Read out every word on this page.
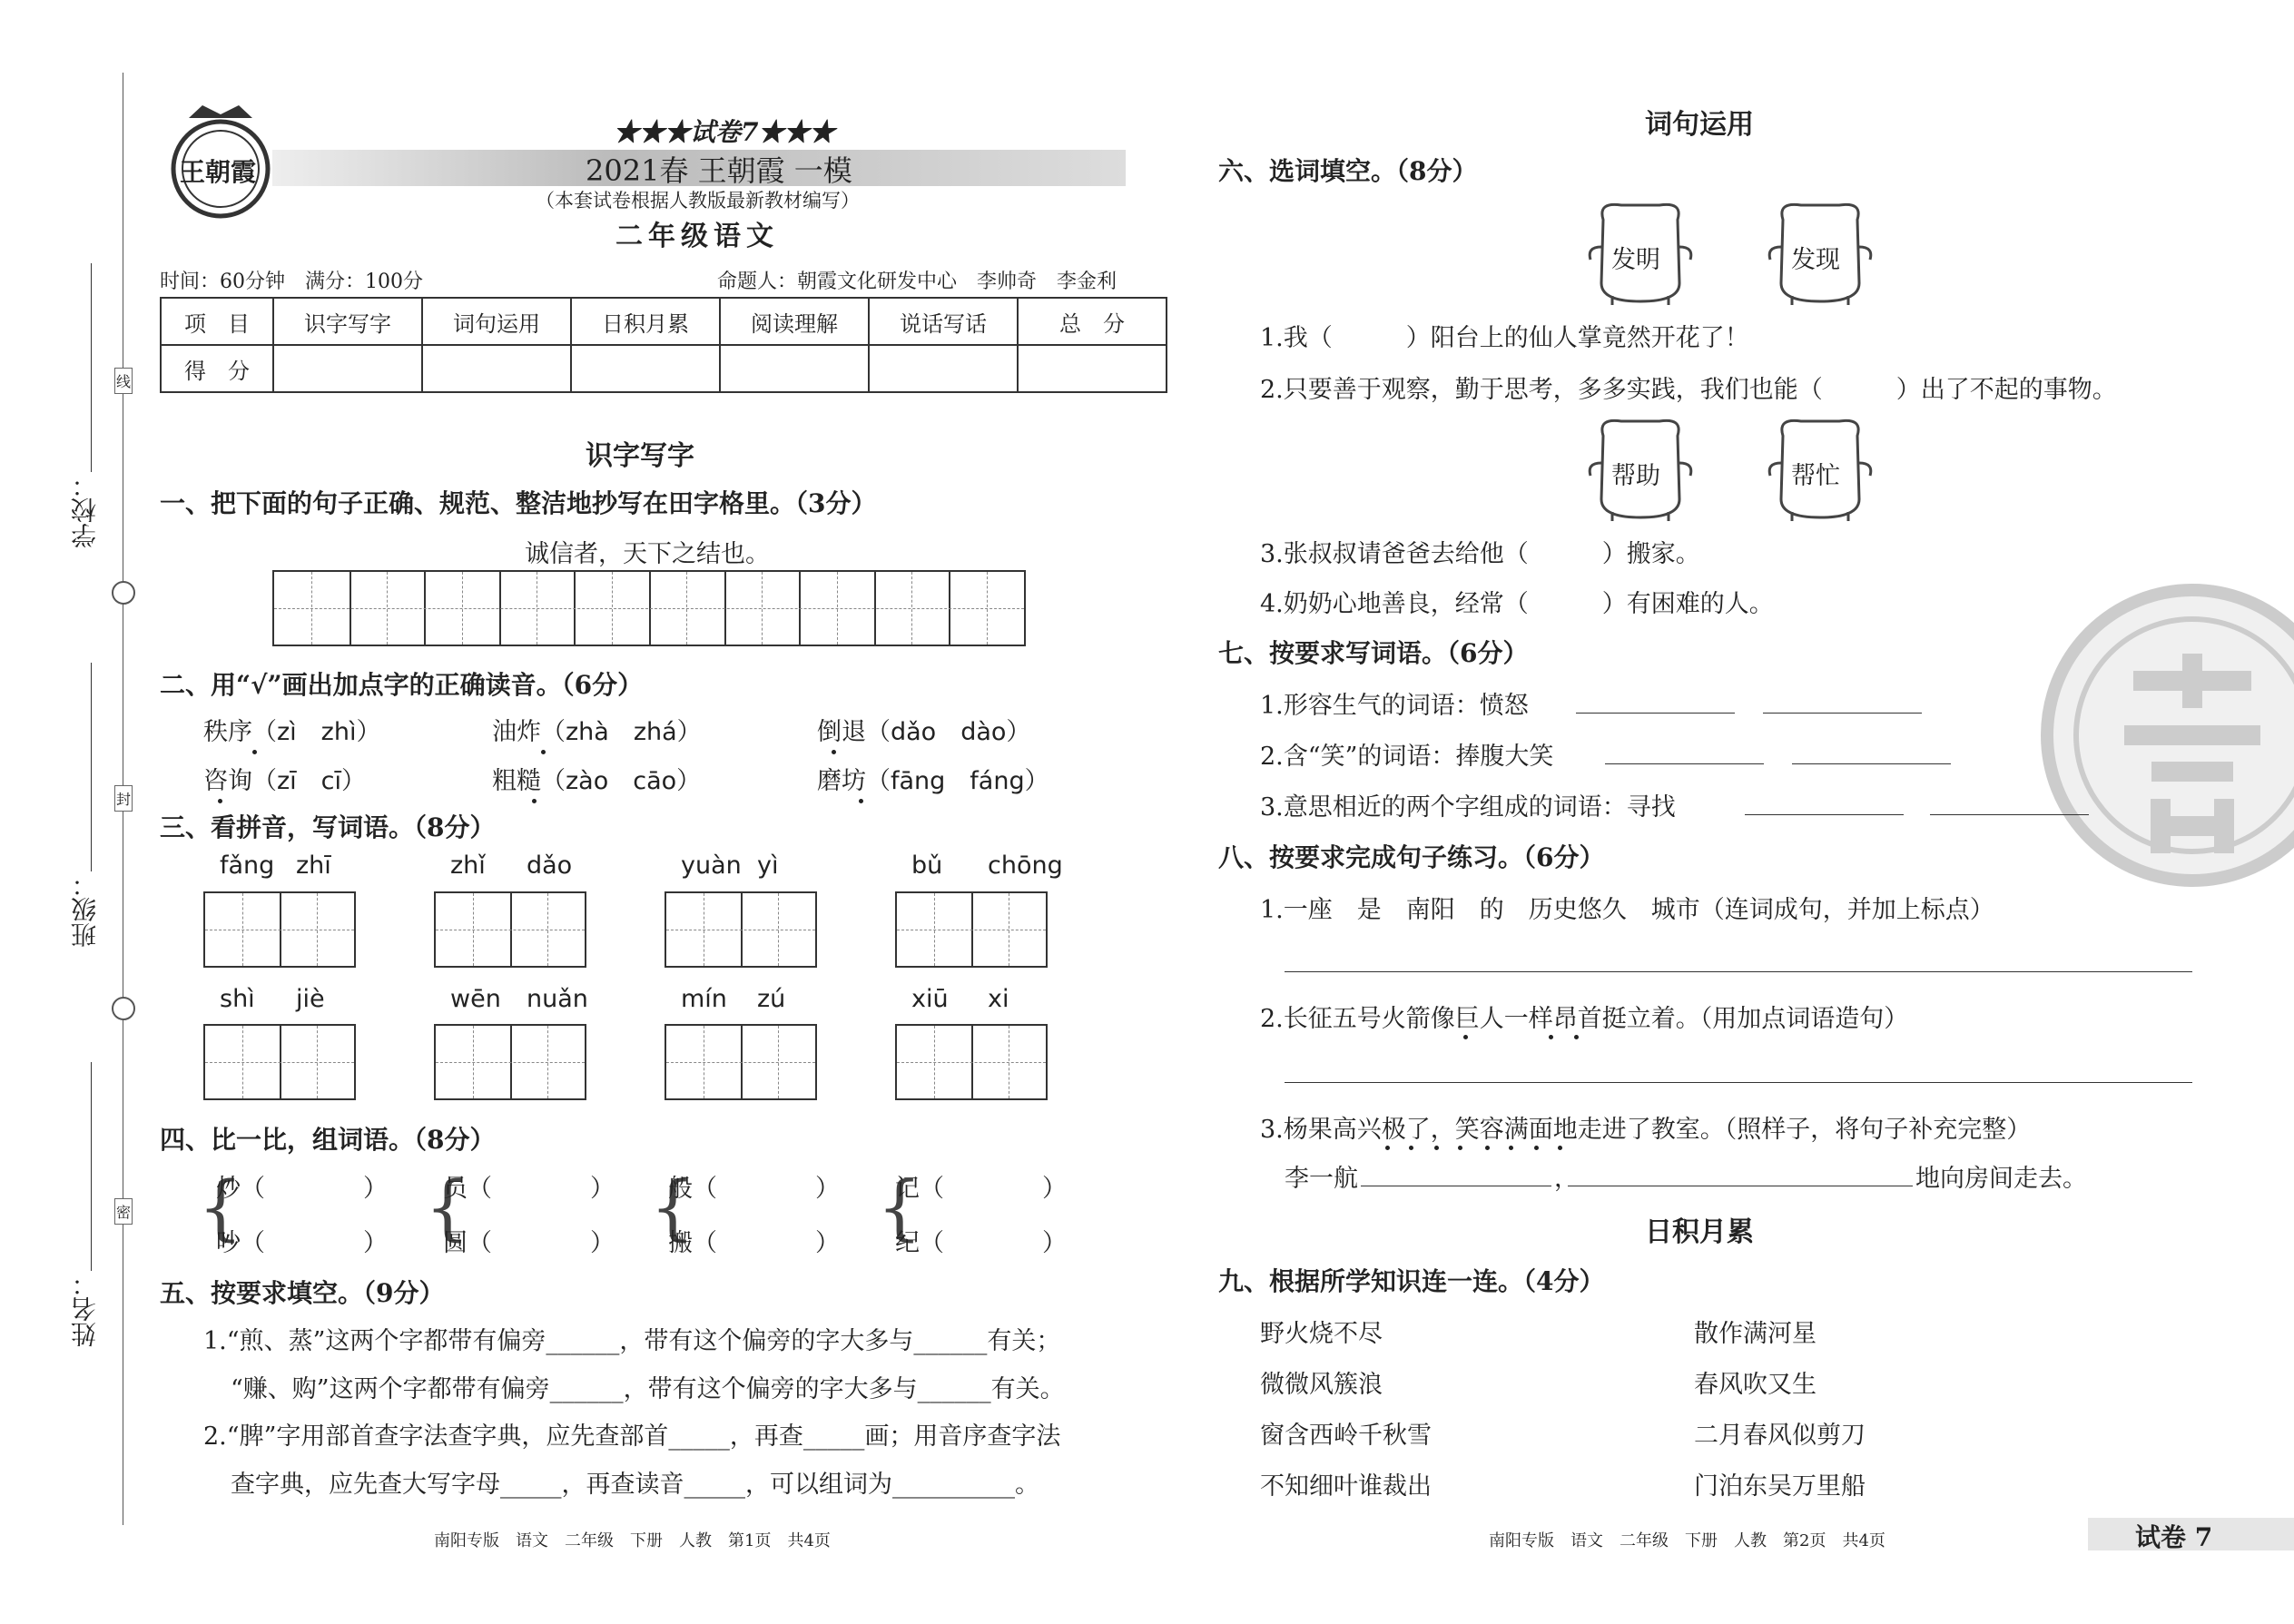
学校：
班级：
姓名：
线
封
密
王朝霞
★★★试卷7★★★
2021春 王朝霞 一模
（本套试卷根据人教版最新教材编写）
二年级语文
时间：60分钟　满分：100分	命题人：朝霞文化研发中心　李帅奇　李金利
项　目	识字写字	词句运用	日积月累	阅读理解	说话写话	总　分
得　分						
识字写字
一、把下面的句子正确、规范、整洁地抄写在田字格里。（3分）
诚信者，天下之结也。
二、用“√”画出加点字的正确读音。（6分）
秩序（zì　zhì）	油炸（zhà　zhá）	倒退（dǎo　dào）
咨询（zī　cī）	粗糙（zào　cāo）	磨坊（fāng　fáng）
三、看拼音，写词语。（8分）
fǎng zhī	zhǐ dǎo	yuàn yì	bǔ chōng
shì jiè	wēn nuǎn	mín zú	xiū xi
四、比一比，组词语。（8分）
{
炒（　　　　）
吵（　　　　） {
员（　　　　）
圆（　　　　） {
般（　　　　）
搬（　　　　） {
记（　　　　）
纪（　　　　）
五、按要求填空。（9分）
1.“煎、蒸”这两个字都带有偏旁______，带有这个偏旁的字大多与______有关；
“赚、购”这两个字都带有偏旁______，带有这个偏旁的字大多与______有关。
2.“脾”字用部首查字法查字典，应先查部首_____，再查_____画；用音序查字法
查字典，应先查大写字母_____，再查读音_____，可以组词为__________。
南阳专版　语文　二年级　下册　人教　第1页　共4页
词句运用
六、选词填空。（8分）
发明	发现
1.我（　　　）阳台上的仙人掌竟然开花了！
2.只要善于观察，勤于思考，多多实践，我们也能（　　　）出了不起的事物。
帮助	帮忙
3.张叔叔请爸爸去给他（　　　）搬家。
4.奶奶心地善良，经常（　　　）有困难的人。
七、按要求写词语。（6分）
1.形容生气的词语：愤怒
2.含“笑”的词语：捧腹大笑
3.意思相近的两个字组成的词语：寻找
八、按要求完成句子练习。（6分）
1.一座　是　南阳　的　历史悠久　城市（连词成句，并加上标点）
2.长征五号火箭像巨人一样昂首挺立着。（用加点词语造句）
3.杨果高兴极了，笑容满面地走进了教室。（照样子，将句子补充完整）
李一航	，	地向房间走去。
日积月累
九、根据所学知识连一连。（4分）
野火烧不尽
微微风簇浪
窗含西岭千秋雪
不知细叶谁裁出
散作满河星
春风吹又生
二月春风似剪刀
门泊东吴万里船
南阳专版　语文　二年级　下册　人教　第2页　共4页	试卷 7
